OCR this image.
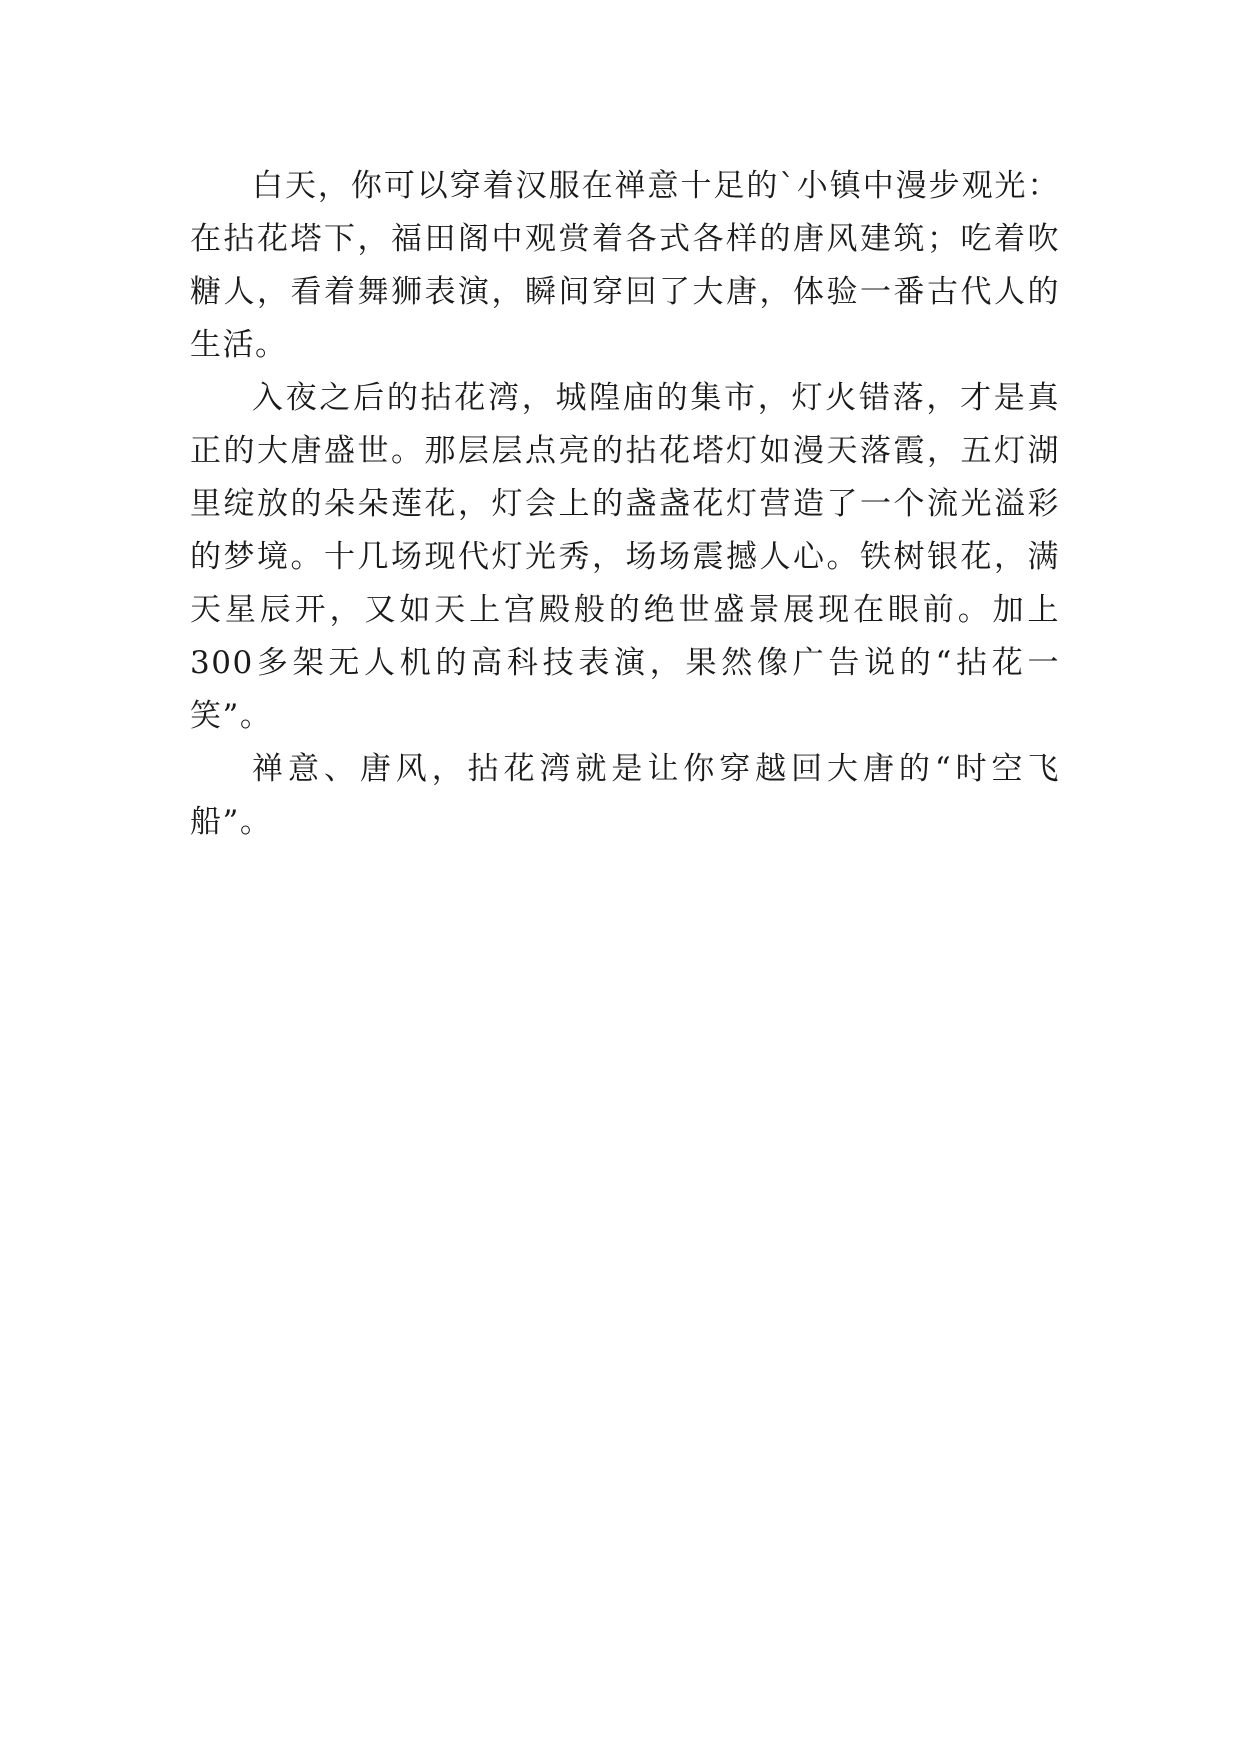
白天，你可以穿着汉服在禅意十足的`小镇中漫步观光：在拈花塔下，福田阁中观赏着各式各样的唐风建筑；吃着吹糖人，看着舞狮表演，瞬间穿回了大唐，体验一番古代人的生活。

入夜之后的拈花湾，城隍庙的集市，灯火错落，才是真正的大唐盛世。那层层点亮的拈花塔灯如漫天落霞，五灯湖里绽放的朵朵莲花，灯会上的盏盏花灯营造了一个流光溢彩的梦境。十几场现代灯光秀，场场震撼人心。铁树银花，满天星辰开，又如天上宫殿般的绝世盛景展现在眼前。加上300多架无人机的高科技表演，果然像广告说的“拈花一笑”。

禅意、唐风，拈花湾就是让你穿越回大唐的“时空飞船”。
